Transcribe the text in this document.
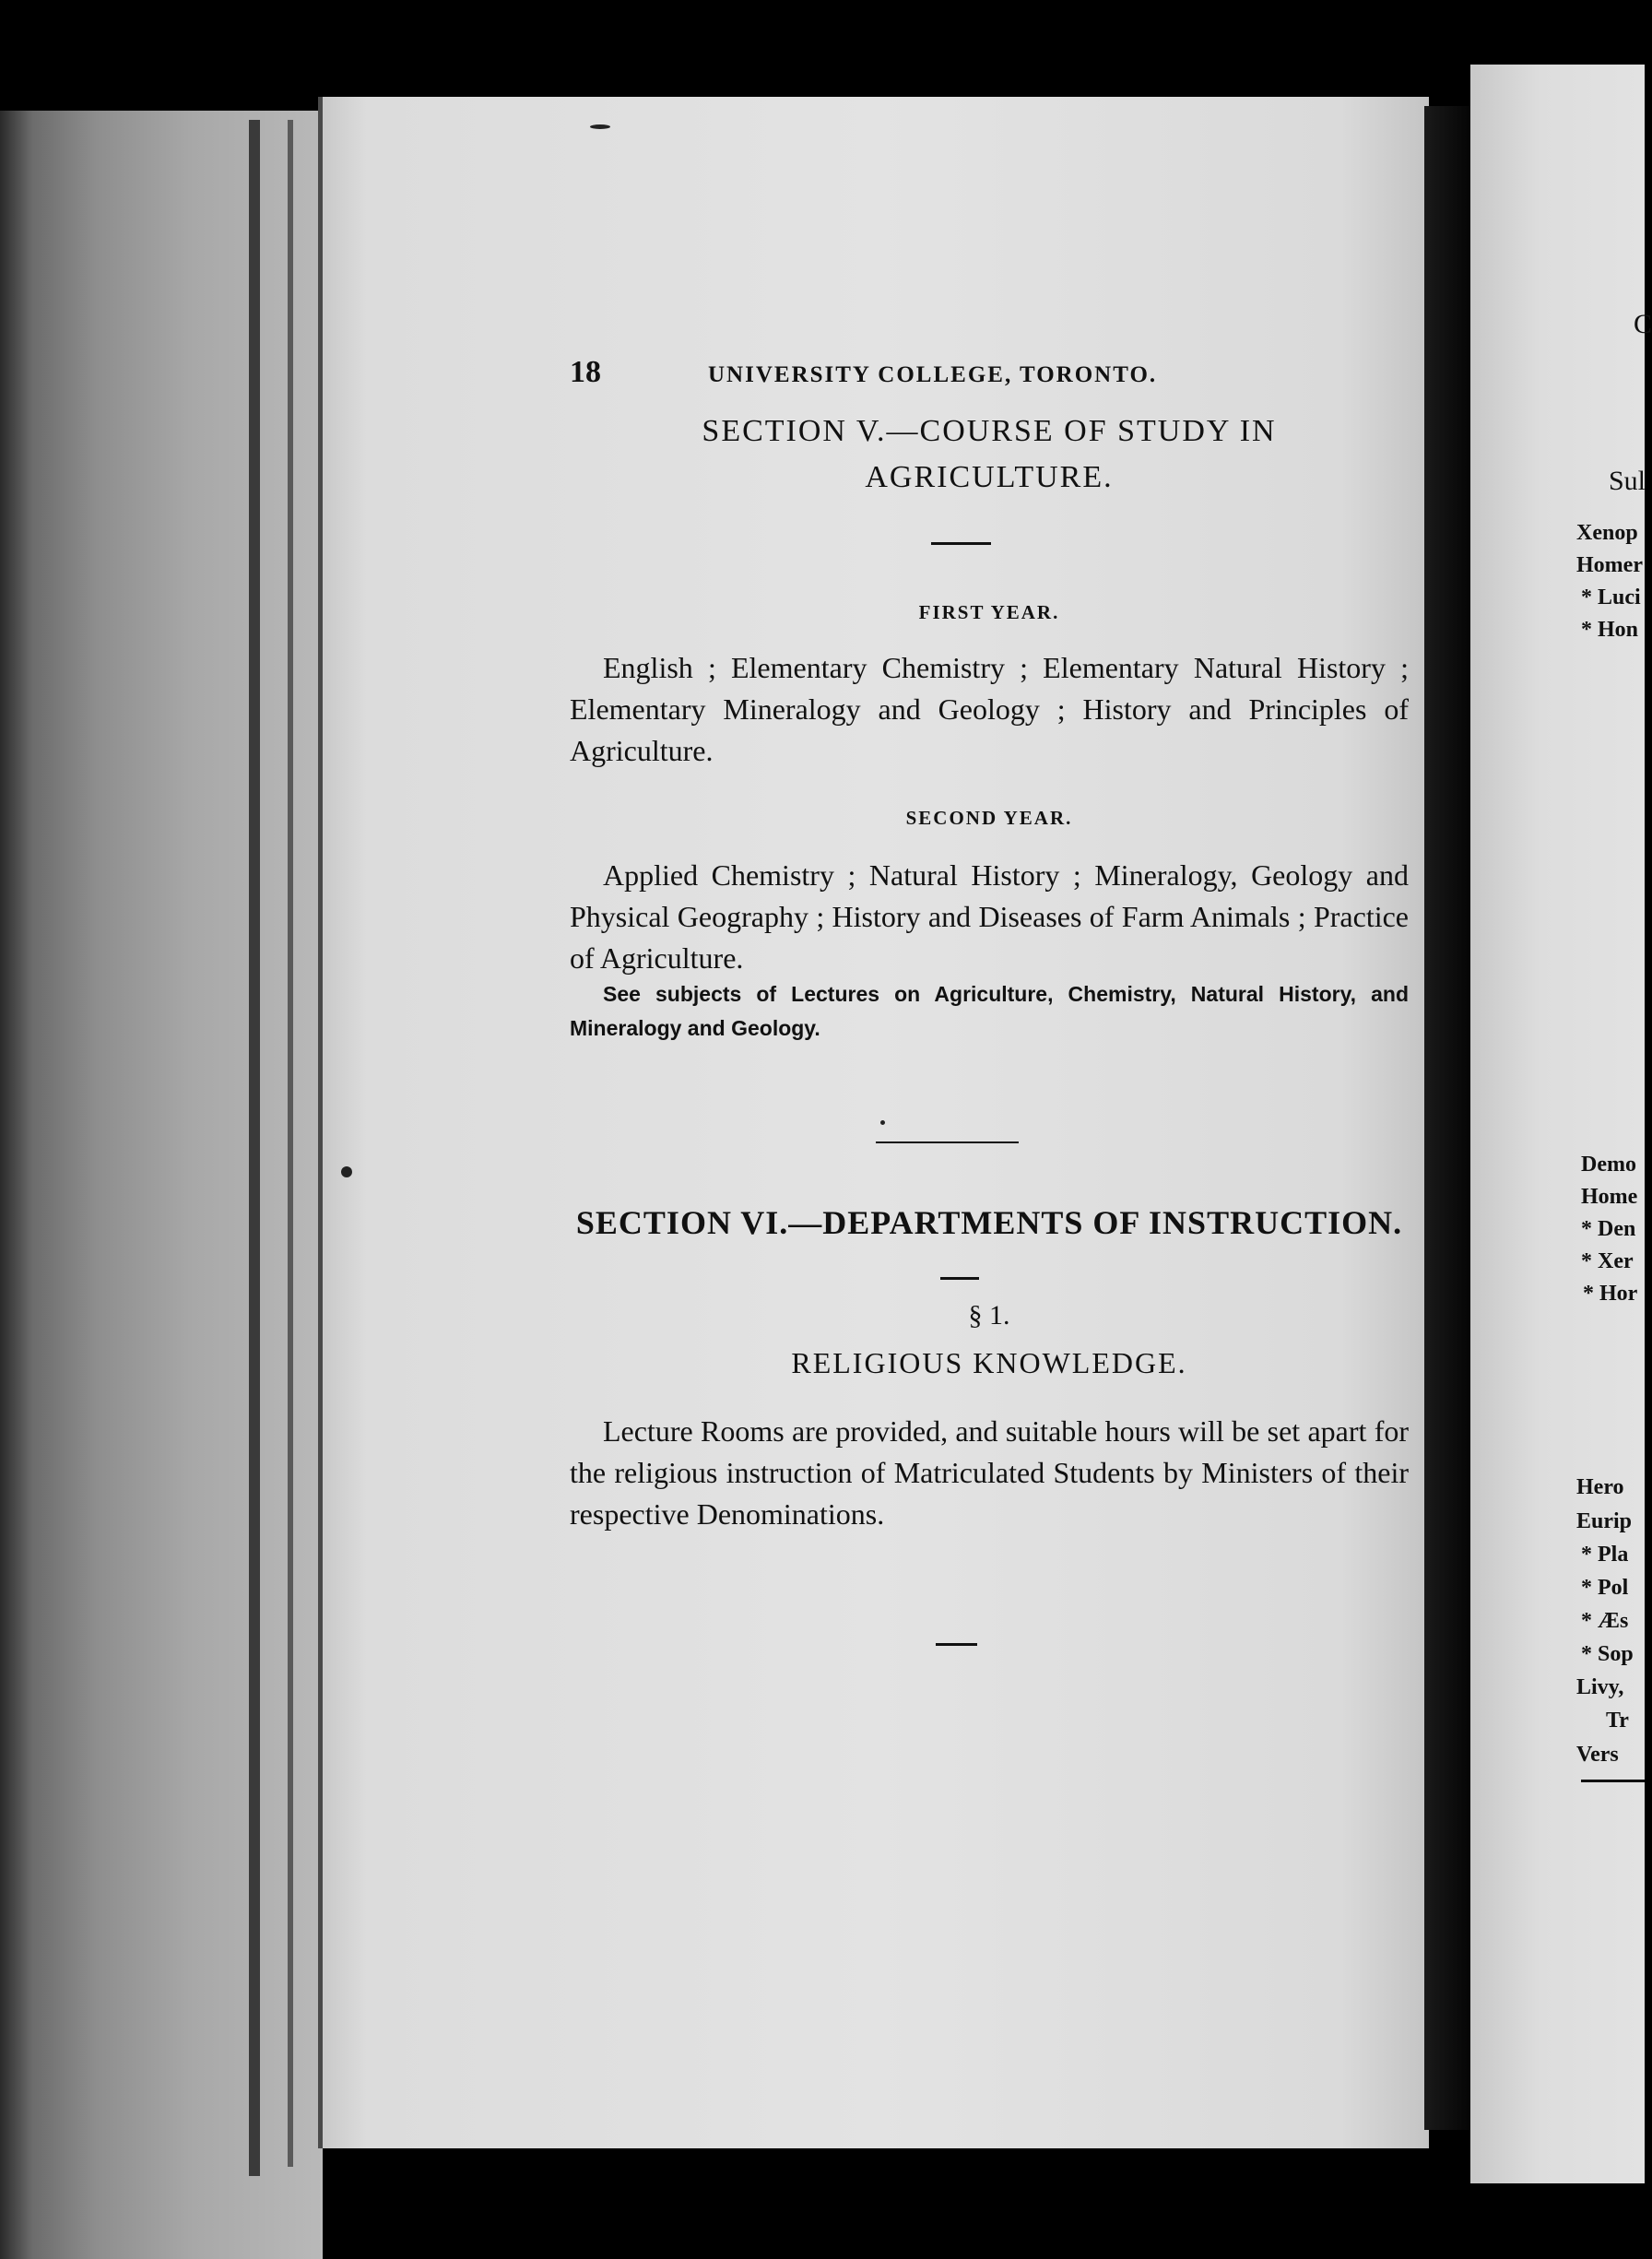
18	UNIVERSITY COLLEGE, TORONTO.
SECTION V.—COURSE OF STUDY IN
AGRICULTURE.
FIRST YEAR.
English ; Elementary Chemistry ; Elementary Natural History ; Elementary Mineralogy and Geology ; History and Principles of Agriculture.
SECOND YEAR.
Applied Chemistry ; Natural History ; Mineralogy, Geology and Physical Geography ; History and Diseases of Farm Animals ; Practice of Agriculture.
See subjects of Lectures on Agriculture, Chemistry, Natural History, and Mineralogy and Geology.
SECTION VI.—DEPARTMENTS OF INSTRUCTION.
§ 1.
RELIGIOUS KNOWLEDGE.
Lecture Rooms are provided, and suitable hours will be set apart for the religious instruction of Matriculated Students by Ministers of their respective Denominations.
C
Sul
Xenop
Homer
* Luci
* Hon
Demo
Home
* Den
* Xer
* Hor
Hero
Eurip
* Pla
* Pol
* Æs
* Sop
Livy,
Tr
Vers
